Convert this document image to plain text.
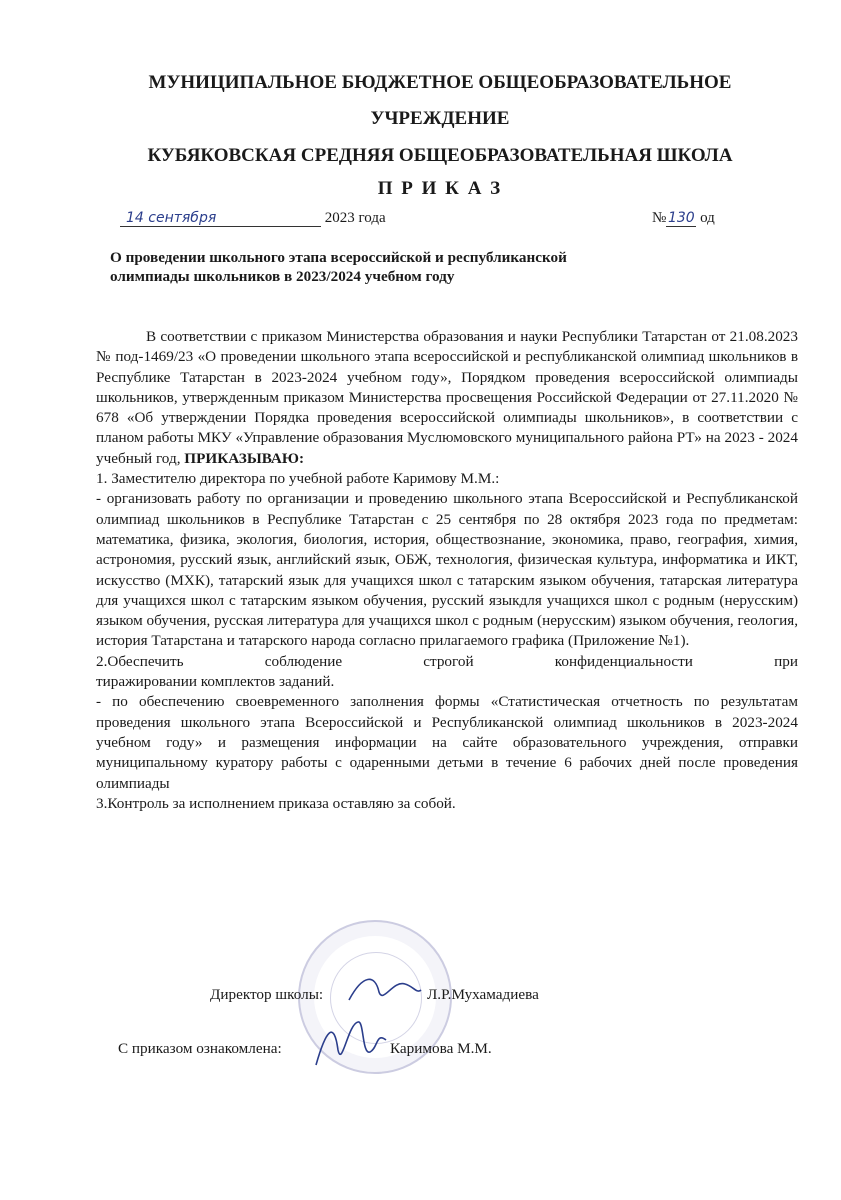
МУНИЦИПАЛЬНОЕ БЮДЖЕТНОЕ ОБЩЕОБРАЗОВАТЕЛЬНОЕ
УЧРЕЖДЕНИЕ
КУБЯКОВСКАЯ СРЕДНЯЯ ОБЩЕОБРАЗОВАТЕЛЬНАЯ ШКОЛА
П Р И К А З
14 сентября	2023 года	№ 130 од
О проведении школьного этапа всероссийской и республиканской олимпиады школьников в 2023/2024 учебном году

В соответствии с приказом Министерства образования и науки Республики Татарстан от 21.08.2023 № под-1469/23 «О проведении школьного этапа всероссийской и республиканской олимпиад школьников в Республике Татарстан в 2023-2024 учебном году», Порядком проведения всероссийской олимпиады школьников, утвержденным приказом Министерства просвещения Российской Федерации от 27.11.2020 № 678 «Об утверждении Порядка проведения всероссийской олимпиады школьников», в соответствии с планом работы МКУ «Управление образования Муслюмовского муниципального района РТ» на 2023 - 2024 учебный год, ПРИКАЗЫВАЮ:

1. Заместителю директора по учебной работе Каримову М.М.:

- организовать работу по организации и проведению школьного этапа Всероссийской и Республиканской олимпиад школьников в Республике Татарстан с 25 сентября по 28 октября 2023 года по предметам: математика, физика, экология, биология, история, обществознание, экономика, право, география, химия, астрономия, русский язык, английский язык, ОБЖ, технология, физическая культура, информатика и ИКТ, искусство (МХК), татарский язык для учащихся школ с татарским языком обучения, татарская литература для учащихся школ с татарским языком обучения, русский языкдля учащихся школ с родным (нерусским) языком обучения, русская литература для учащихся школ с родным (нерусским) языком обучения, геология, история Татарстана и татарского народа согласно прилагаемого графика (Приложение №1).

2.Обеспечить соблюдение строгой конфиденциальности при

тиражировании комплектов заданий.

- по обеспечению своевременного заполнения формы «Статистическая отчетность по результатам проведения школьного этапа Всероссийской и Республиканской олимпиад школьников в 2023-2024 учебном году» и размещения информации на сайте образовательного учреждения, отправки муниципальному куратору работы с одаренными детьми в течение 6 рабочих дней после проведения олимпиады

3.Контроль за исполнением приказа оставляю за собой.

Директор школы:	Л.Р.Мухамадиева
С приказом ознакомлена:	Каримова М.М.
